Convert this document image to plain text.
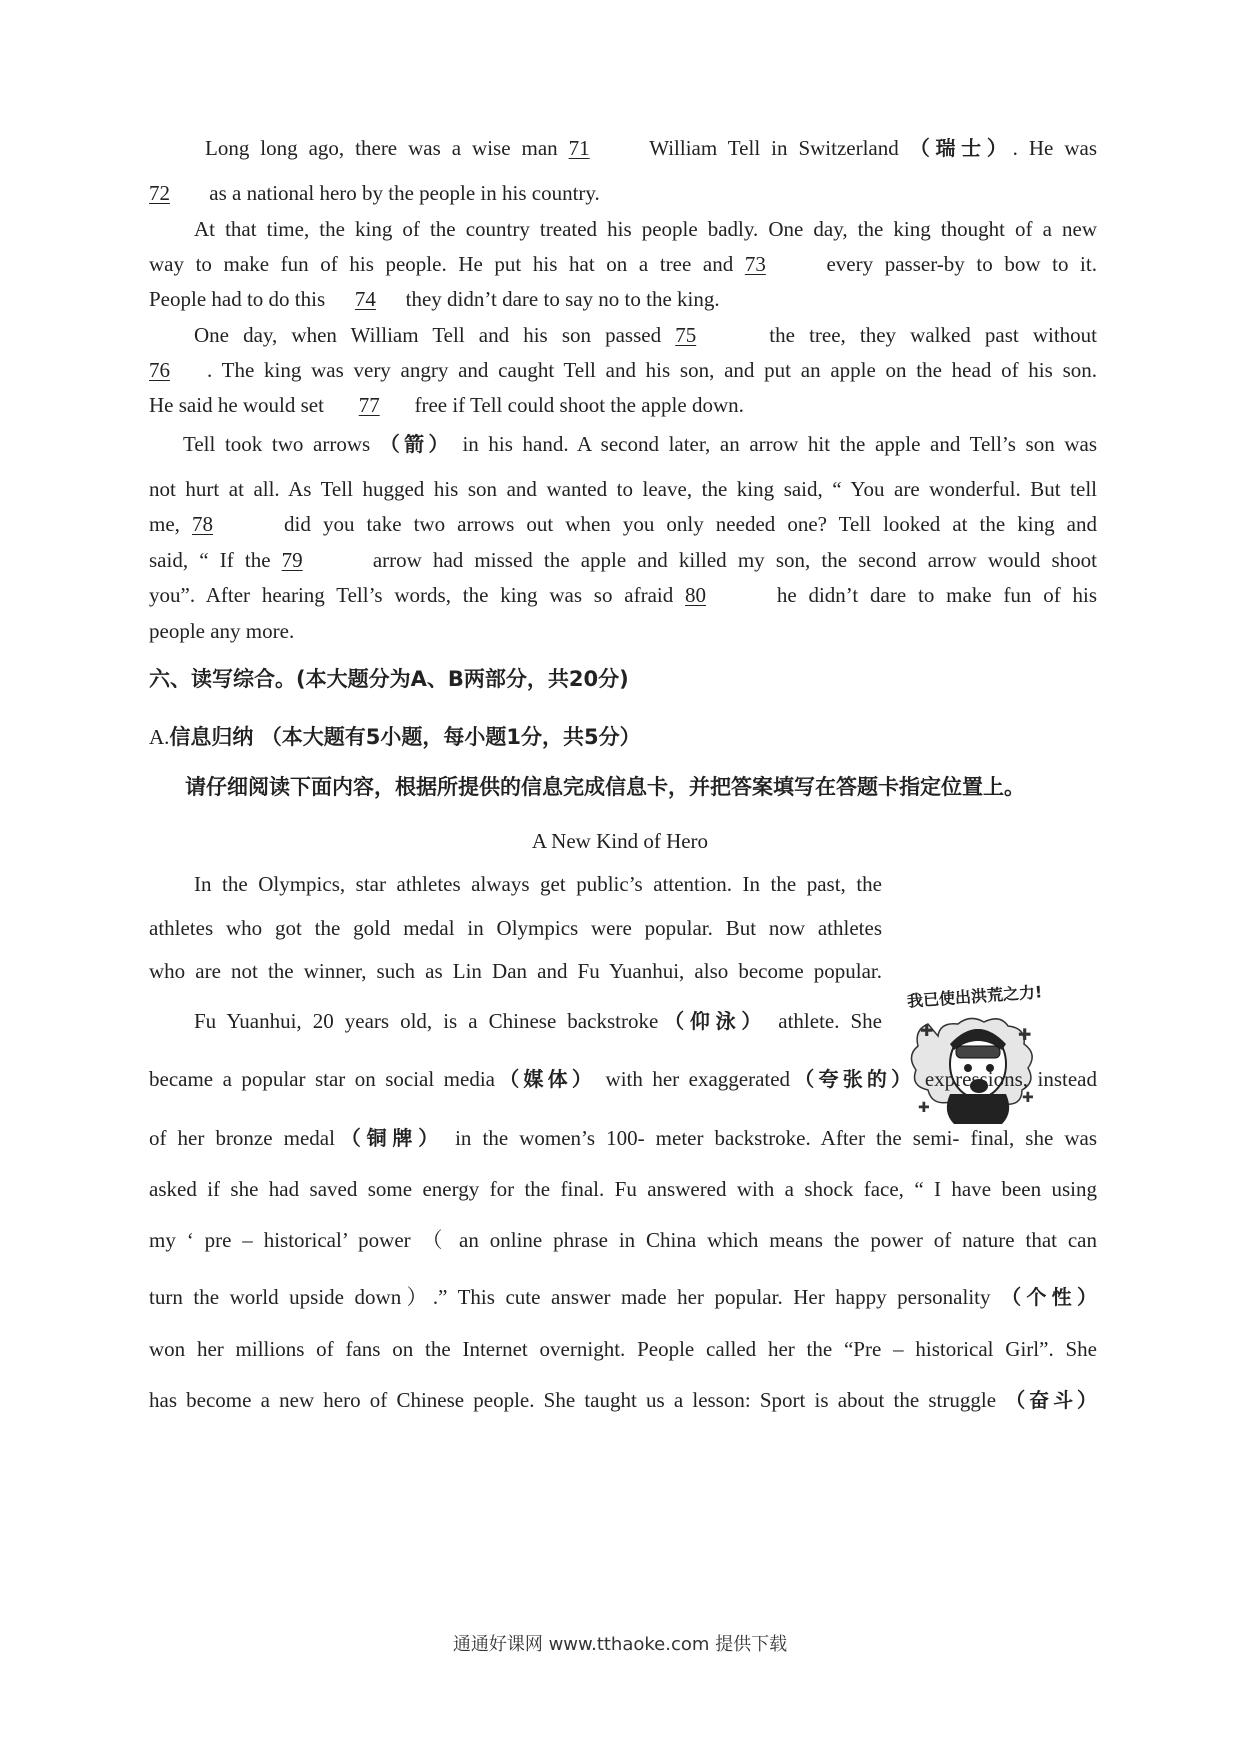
Long long ago, there was a wise man 71 William Tell in Switzerland （瑞士）. He was
72 as a national hero by the people in his country.
At that time, the king of the country treated his people badly. One day, the king thought of a new
way to make fun of his people. He put his hat on a tree and 73 every passer-by to bow to it.
People had to do this 74 they didn’t dare to say no to the king.
One day, when William Tell and his son passed 75	the tree, they walked past without
76 . The king was very angry and caught Tell and his son, and put an apple on the head of his son.
He said he would set 77 free if Tell could shoot the apple down.
Tell took two arrows （箭） in his hand. A second later, an arrow hit the apple and Tell’s son was
not hurt at all. As Tell hugged his son and wanted to leave, the king said, “ You are wonderful. But tell
me, 78	did you take two arrows out when you only needed one? Tell looked at the king and
said, “ If the 79	arrow had missed the apple and killed my son, the second arrow would shoot
you”. After hearing Tell’s words, the king was so afraid 80	he didn’t dare to make fun of his
people any more.
六、读写综合。(本大题分为A、B两部分，共20分)
A.信息归纳 （本大题有5小题，每小题1分，共5分）
请仔细阅读下面内容，根据所提供的信息完成信息卡，并把答案填写在答题卡指定位置上。
A New Kind of Hero
In the Olympics, star athletes always get public’s attention. In the past, the
athletes who got the gold medal in Olympics were popular. But now athletes
who are not the winner, such as Lin Dan and Fu Yuanhui, also become popular.
Fu Yuanhui, 20 years old, is a Chinese backstroke（仰泳） athlete. She
我已使出洪荒之力!
✚	✚
✚
✚
became a popular star on social media（媒体） with her exaggerated（夸张的） expressions, instead
of her bronze medal（铜牌） in the women’s 100- meter backstroke. After the semi- final, she was
asked if she had saved some energy for the final. Fu answered with a shock face, “ I have been using
my ‘ pre – historical’ power （ an online phrase in China which means the power of nature that can
turn the world upside down）.” This cute answer made her popular. Her happy personality （个性）
won her millions of fans on the Internet overnight. People called her the “Pre – historical Girl”. She
has become a new hero of Chinese people. She taught us a lesson: Sport is about the struggle （奋斗）
通通好课网 www.tthaoke.com 提供下载
